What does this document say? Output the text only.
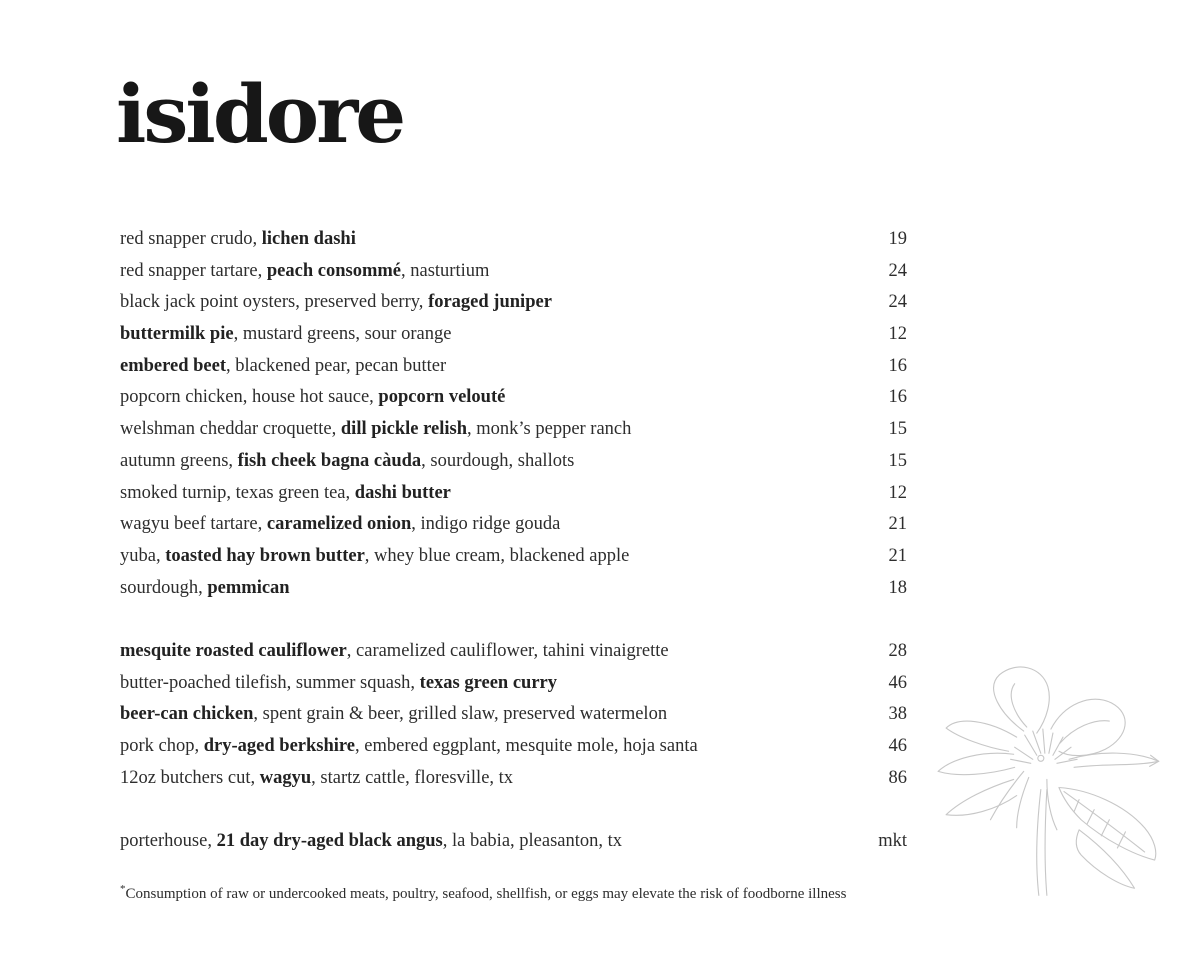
isidore
red snapper crudo, lichen dashi	19
red snapper tartare, peach consommé, nasturtium	24
black jack point oysters, preserved berry, foraged juniper	24
buttermilk pie, mustard greens, sour orange	12
embered beet, blackened pear, pecan butter	16
popcorn chicken, house hot sauce, popcorn velouté	16
welshman cheddar croquette, dill pickle relish, monk’s pepper ranch	15
autumn greens, fish cheek bagna càuda, sourdough, shallots	15
smoked turnip, texas green tea, dashi butter	12
wagyu beef tartare, caramelized onion, indigo ridge gouda	21
yuba, toasted hay brown butter, whey blue cream, blackened apple	21
sourdough, pemmican	18
mesquite roasted cauliflower, caramelized cauliflower, tahini vinaigrette	28
butter-poached tilefish, summer squash, texas green curry	46
beer-can chicken, spent grain & beer, grilled slaw, preserved watermelon	38
pork chop, dry-aged berkshire, embered eggplant, mesquite mole, hoja santa	46
12oz butchers cut, wagyu, startz cattle, floresville, tx	86
porterhouse, 21 day dry-aged black angus, la babia, pleasanton, tx	mkt
*Consumption of raw or undercooked meats, poultry, seafood, shellfish, or eggs may elevate the risk of foodborne illness
